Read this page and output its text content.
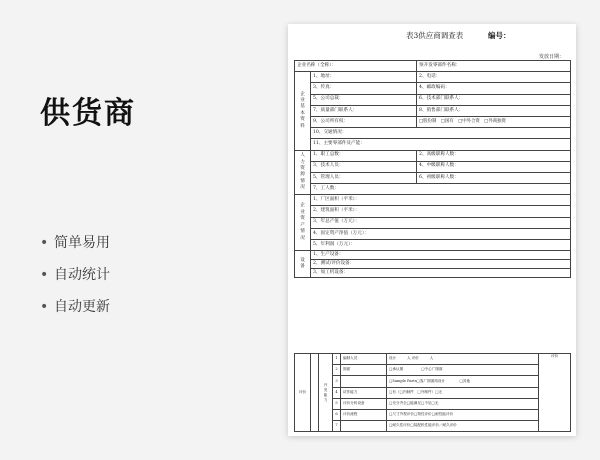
供货商
• 简单易用
• 自动统计
• 自动更新
表3供应商调查表	编号：
发放日期：
企业名称（全称）：		预开发零部件名称：
企业基本资料	1、地址：	2、电话：
	3、传真：	4、邮政编码：
	5、公司总裁：	6、技术部门联系人：
	7、质量部门联系人：	8、销售部门联系人：
	9、公司所有权：	□股份制　□国有　□中外合资　□外商独资
	10、交通情况：	
	11、主要零部件及产能：	
人力资源情况	1、职工总数：	2、高级职称人数：
	3、技术人员：	4、中级职称人数：
	5、管理人员：	6、初级职称人数：
	7、工人数：	
企业资产情况	1、厂区面积（平米）：	
	2、建筑面积（平米）：	
	3、年总产值（万元）：	
	4、固定资产净值（万元）：	
	5、年利润（万元）：	
设备	1、生产设备：	
	2、测试/评价设备：	
	3、加工机设备：	
评价		开发能力	1	编制人员	设计　　　人 评价　　　人	评价
			2	图面	□承认图　　　　　□中心厂图面	
			3		□Sample Parts□客厂图面再设计　　　　□其他	
			4	试作能力	□有（□内制件　□外制件）□无	
			5	评价分析设备	□充分齐全□能满足□不足□无	
			6	评价流程	□尺寸外观评价□物性评价□耐性能评价	
			7		□耐久性评价□装配机性能评价／耐久评价	
